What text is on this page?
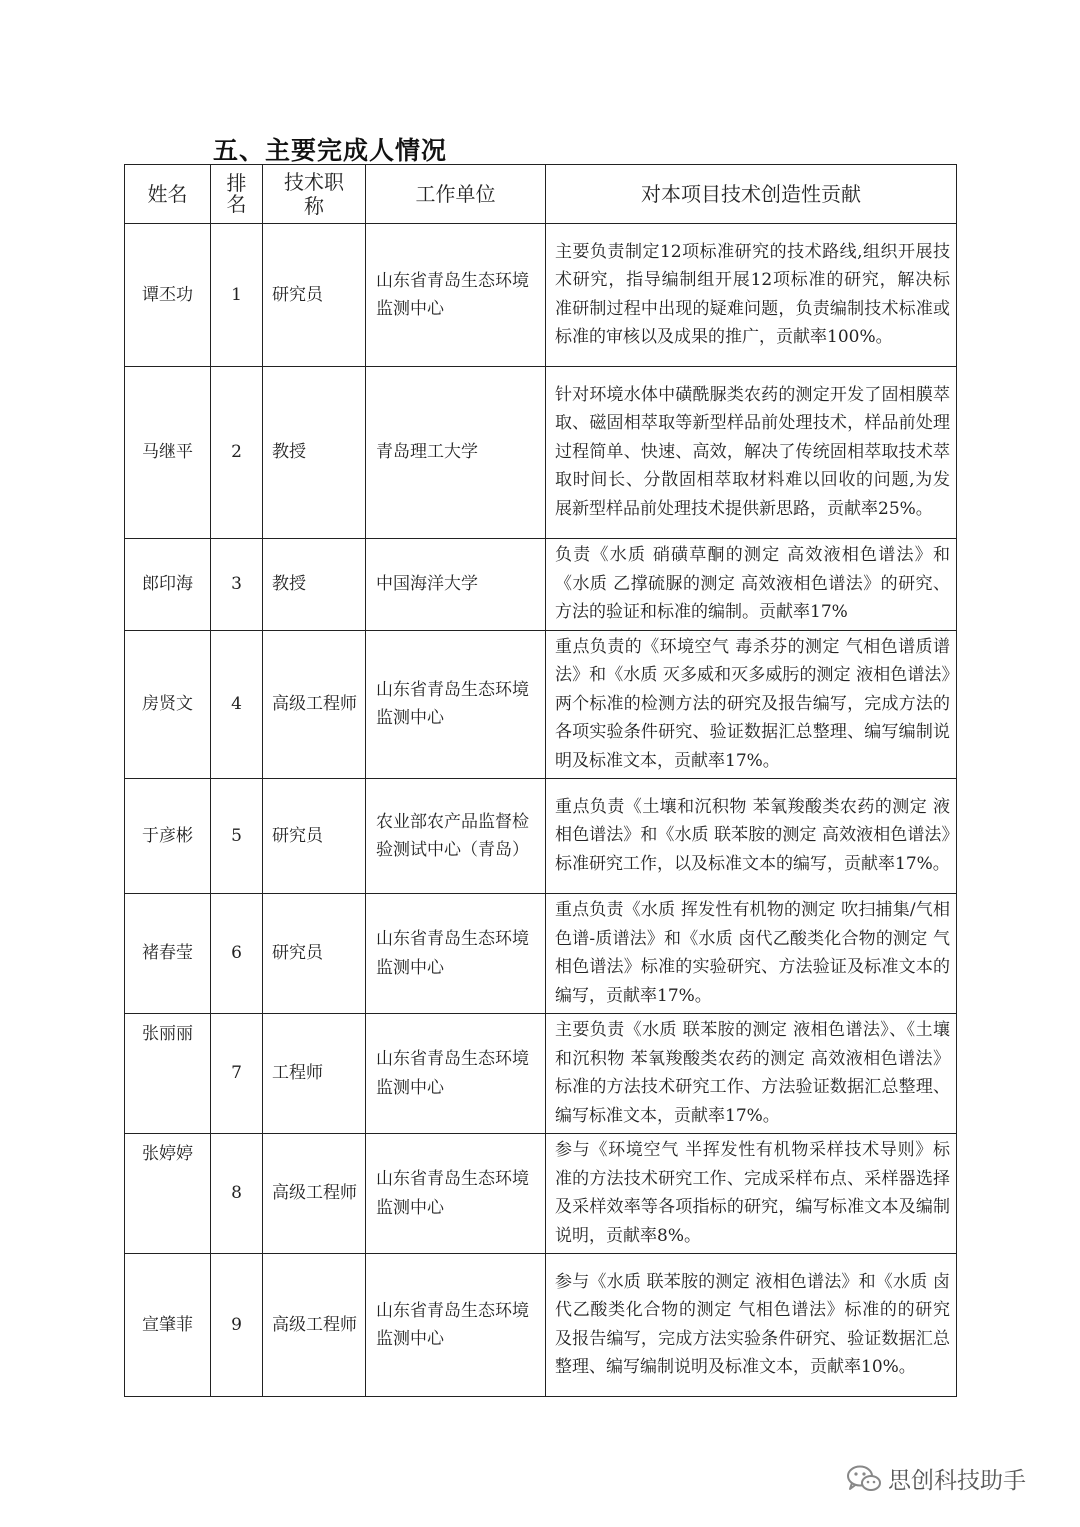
五、主要完成人情况
姓名	排名	技术职称	工作单位	对本项目技术创造性贡献
谭丕功	1	研究员	山东省青岛生态环境监测中心	主要负责制定12项标准研究的技术路线,组织开展技术研究，指导编制组开展12项标准的研究，解决标准研制过程中出现的疑难问题，负责编制技术标准或标准的审核以及成果的推广，贡献率100%。
马继平	2	教授	青岛理工大学	针对环境水体中磺酰脲类农药的测定开发了固相膜萃取、磁固相萃取等新型样品前处理技术，样品前处理过程简单、快速、高效，解决了传统固相萃取技术萃取时间长、分散固相萃取材料难以回收的问题,为发展新型样品前处理技术提供新思路，贡献率25%。
郎印海	3	教授	中国海洋大学	负责《水质 硝磺草酮的测定 高效液相色谱法》和《水质 乙撑硫脲的测定 高效液相色谱法》的研究、方法的验证和标准的编制。贡献率17%
房贤文	4	高级工程师	山东省青岛生态环境监测中心	重点负责的《环境空气 毒杀芬的测定 气相色谱质谱法》和《水质 灭多威和灭多威肟的测定 液相色谱法》两个标准的检测方法的研究及报告编写，完成方法的各项实验条件研究、验证数据汇总整理、编写编制说明及标准文本，贡献率17%。
于彦彬	5	研究员	农业部农产品监督检验测试中心（青岛）	重点负责《土壤和沉积物 苯氧羧酸类农药的测定 液相色谱法》和《水质 联苯胺的测定 高效液相色谱法》标准研究工作，以及标准文本的编写，贡献率17%。
褚春莹	6	研究员	山东省青岛生态环境监测中心	重点负责《水质 挥发性有机物的测定 吹扫捕集/气相色谱-质谱法》和《水质 卤代乙酸类化合物的测定 气相色谱法》标准的实验研究、方法验证及标准文本的编写，贡献率17%。
张丽丽	7	工程师	山东省青岛生态环境监测中心	主要负责《水质 联苯胺的测定 液相色谱法》、《土壤和沉积物 苯氧羧酸类农药的测定 高效液相色谱法》标准的方法技术研究工作、方法验证数据汇总整理、编写标准文本，贡献率17%。
张婷婷	8	高级工程师	山东省青岛生态环境监测中心	参与《环境空气 半挥发性有机物采样技术导则》标准的方法技术研究工作、完成采样布点、采样器选择及采样效率等各项指标的研究，编写标准文本及编制说明，贡献率8%。
宣肇菲	9	高级工程师	山东省青岛生态环境监测中心	参与《水质 联苯胺的测定 液相色谱法》和《水质 卤代乙酸类化合物的测定 气相色谱法》标准的的研究及报告编写，完成方法实验条件研究、验证数据汇总整理、编写编制说明及标准文本，贡献率10%。
思创科技助手
